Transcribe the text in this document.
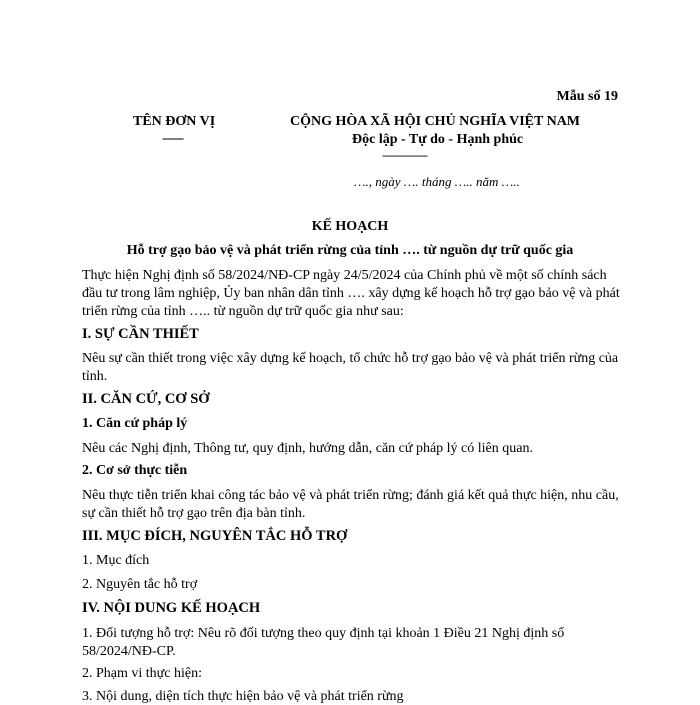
Mẫu số 19
TÊN ĐƠN VỊ
-------
CỘNG HÒA XÃ HỘI CHỦ NGHĨA VIỆT NAM
Độc lập - Tự do - Hạnh phúc
---------------
…., ngày …. tháng ….. năm …..
KẾ HOẠCH
Hỗ trợ gạo bảo vệ và phát triển rừng của tỉnh …. từ nguồn dự trữ quốc gia
Thực hiện Nghị định số 58/2024/NĐ-CP ngày 24/5/2024 của Chính phủ về một số chính sách đầu tư trong lâm nghiệp, Ủy ban nhân dân tỉnh …. xây dựng kế hoạch hỗ trợ gạo bảo vệ và phát triển rừng của tỉnh ….. từ nguồn dự trữ quốc gia như sau:
I. SỰ CẦN THIẾT
Nêu sự cần thiết trong việc xây dựng kế hoạch, tổ chức hỗ trợ gạo bảo vệ và phát triển rừng của tỉnh.
II. CĂN CỨ, CƠ SỞ
1. Căn cứ pháp lý
Nêu các Nghị định, Thông tư, quy định, hướng dẫn, căn cứ pháp lý có liên quan.
2. Cơ sở thực tiễn
Nêu thực tiễn triển khai công tác bảo vệ và phát triển rừng; đánh giá kết quả thực hiện, nhu cầu, sự cần thiết hỗ trợ gạo trên địa bàn tỉnh.
III. MỤC ĐÍCH, NGUYÊN TẮC HỖ TRỢ
1. Mục đích
2. Nguyên tắc hỗ trợ
IV. NỘI DUNG KẾ HOẠCH
1. Đối tượng hỗ trợ: Nêu rõ đối tượng theo quy định tại khoản 1 Điều 21 Nghị định số 58/2024/NĐ-CP.
2. Phạm vi thực hiện:
3. Nội dung, diện tích thực hiện bảo vệ và phát triển rừng
